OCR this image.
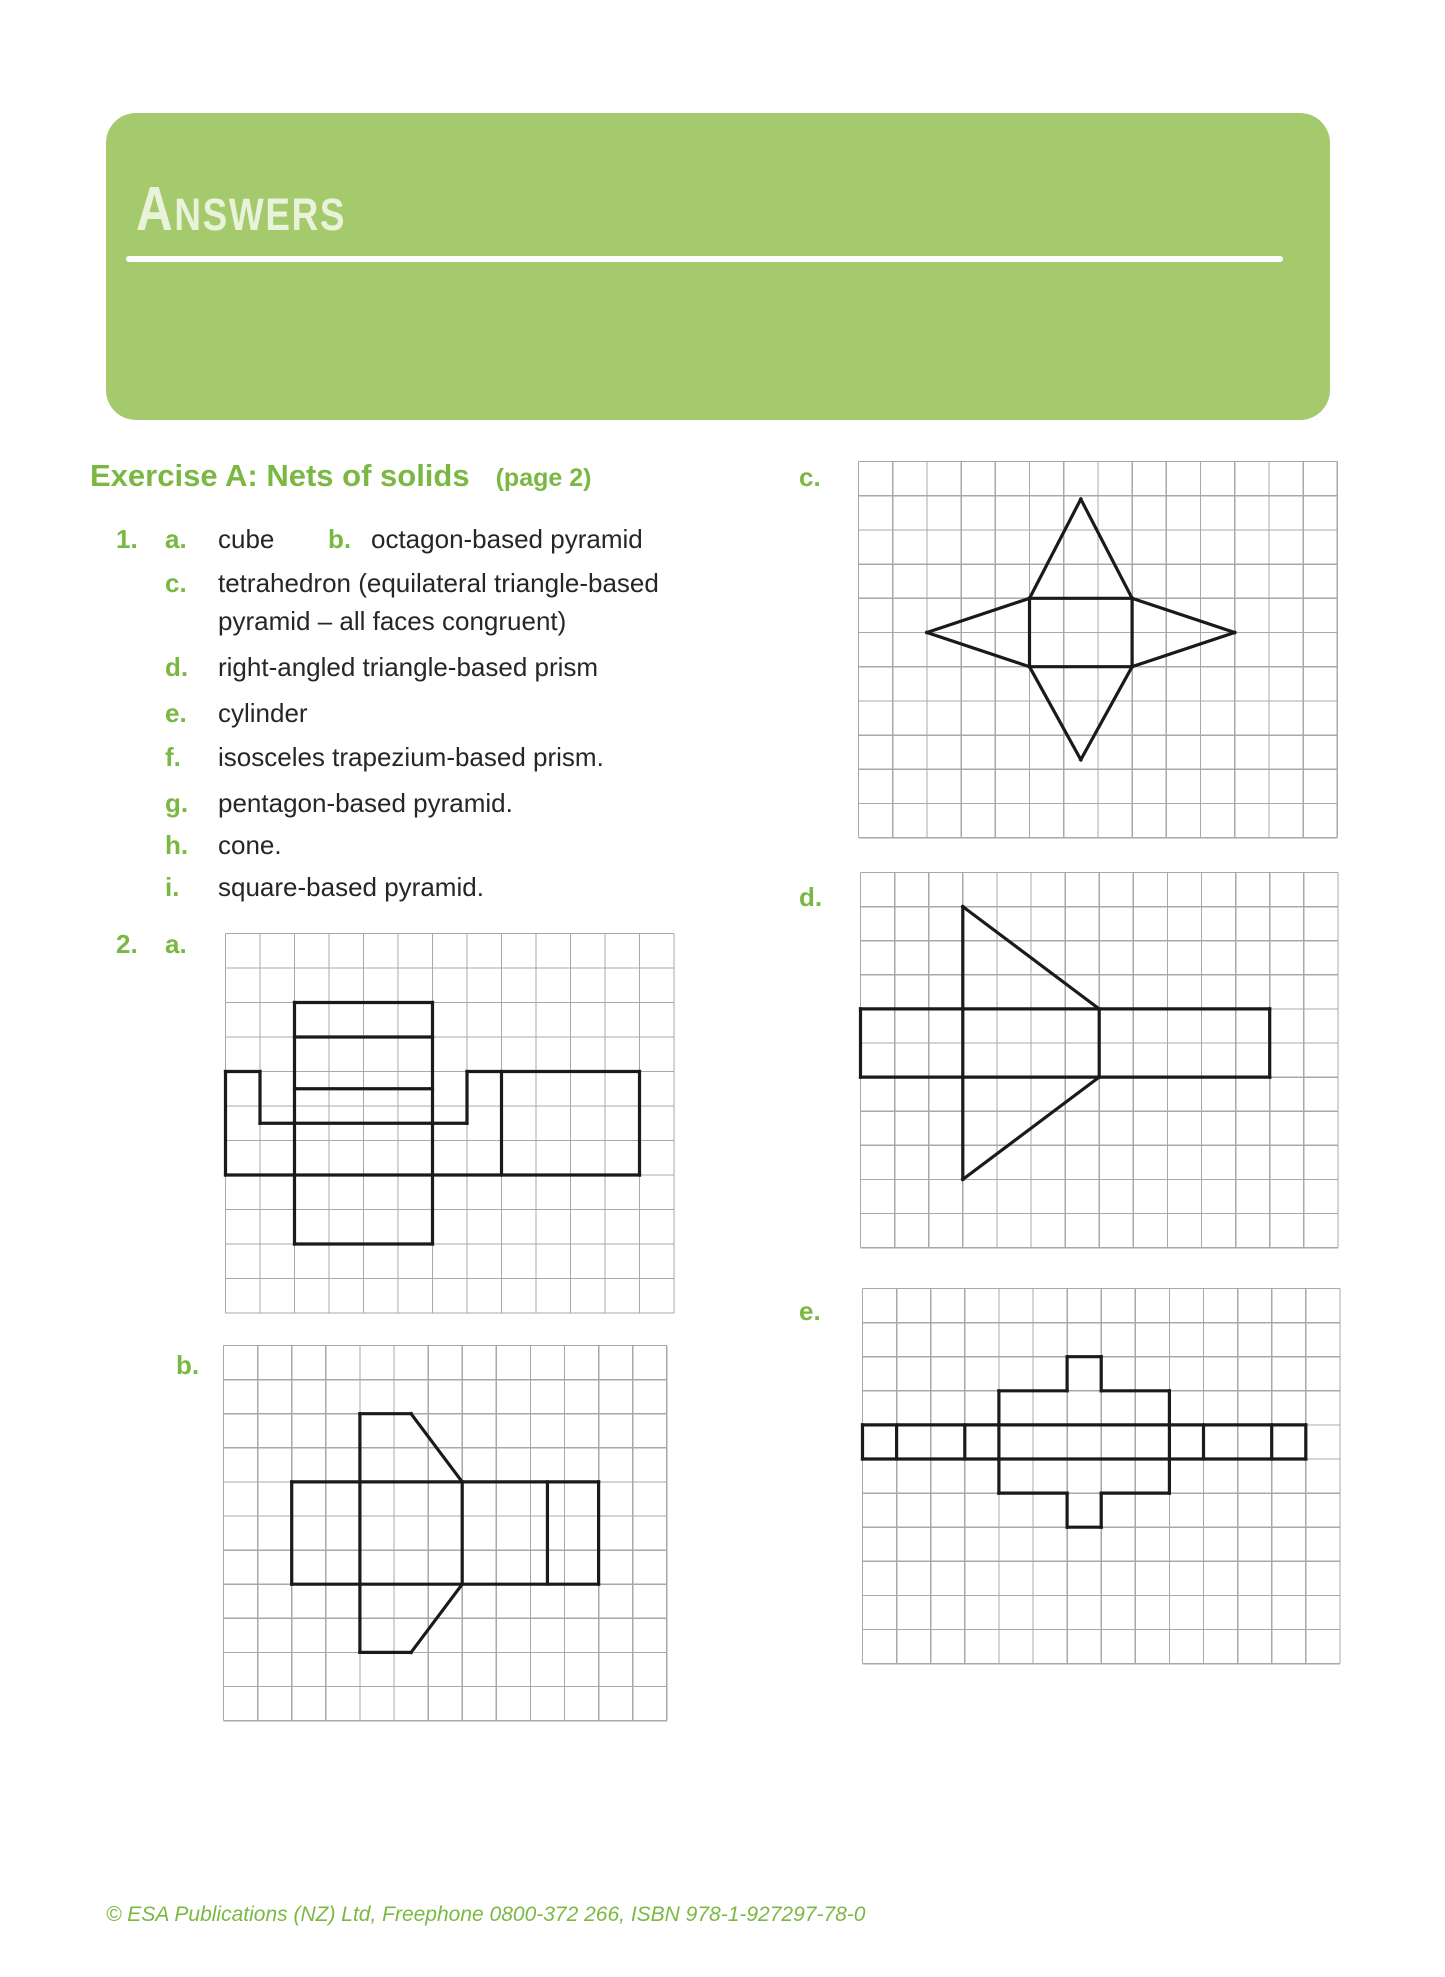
ANSWERS
Exercise A: Nets of solids (page 2)
1. a. cube b. octagon-based pyramid
c. tetrahedron (equilateral triangle-based pyramid – all faces congruent)
d. right-angled triangle-based prism
e. cylinder
f. isosceles trapezium-based prism.
g. pentagon-based pyramid.
h. cone.
i. square-based pyramid.
2. a.
b.
c.
d.
e.
© ESA Publications (NZ) Ltd, Freephone 0800-372 266, ISBN 978-1-927297-78-0
